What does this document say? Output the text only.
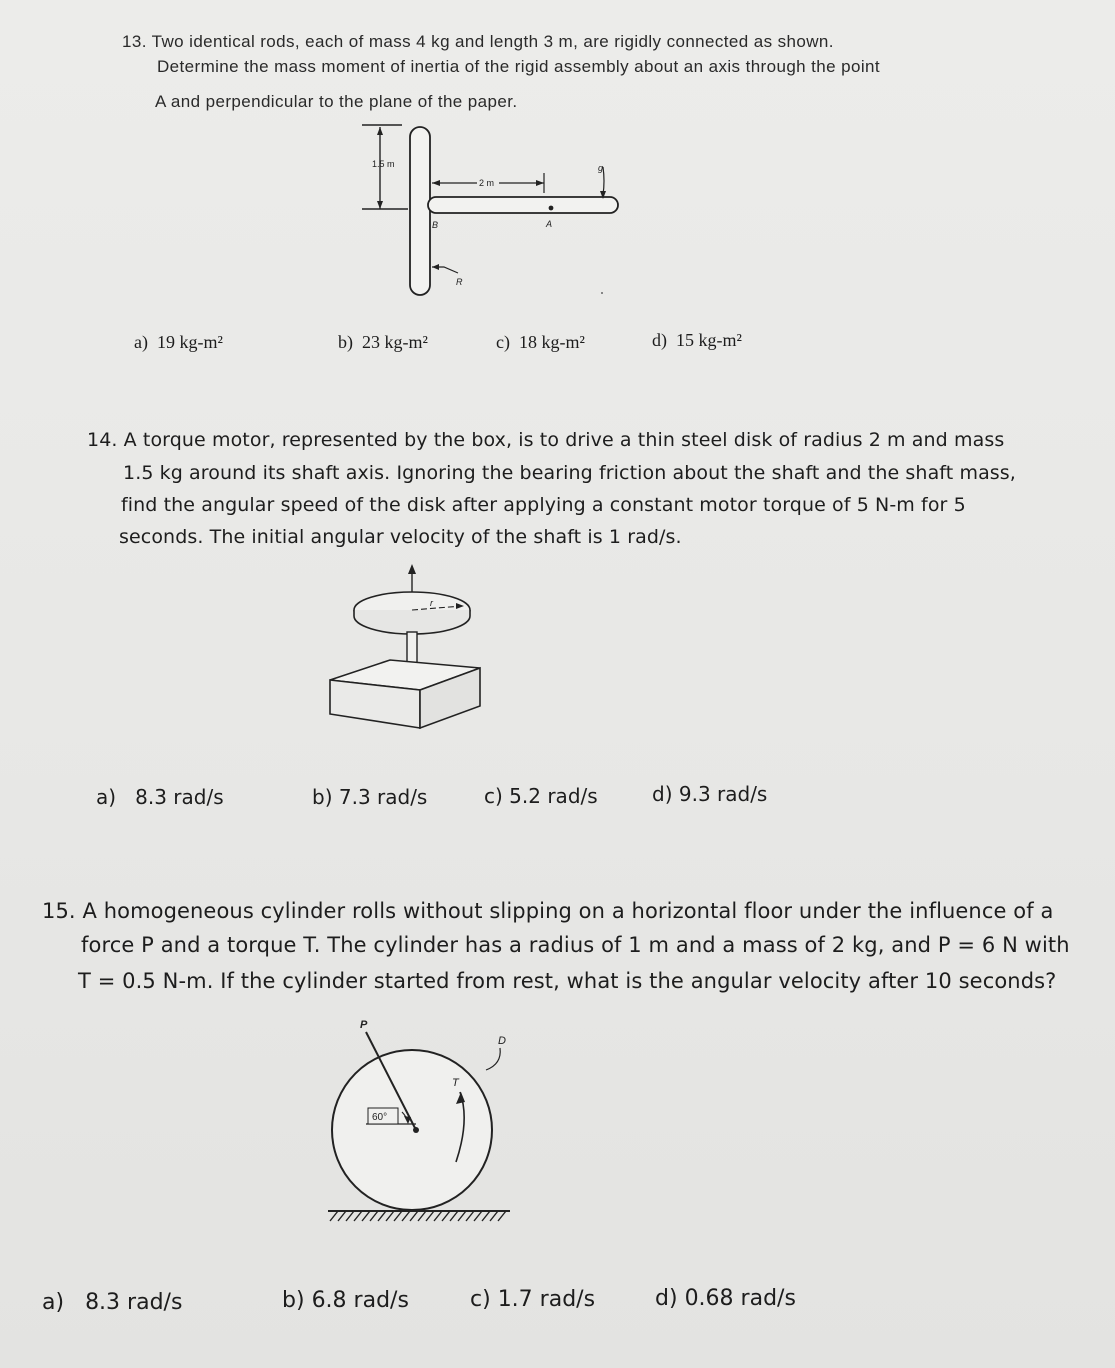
13. Two identical rods, each of mass 4 kg and length 3 m, are rigidly connected as shown.
Determine the mass moment of inertia of the rigid assembly about an axis through the point
A and perpendicular to the plane of the paper.
1.5 m
2 m
A
B
g
R
a) 19 kg-m²	b) 23 kg-m²	c) 18 kg-m²	d) 15 kg-m²
14. A torque motor, represented by the box, is to drive a thin steel disk of radius 2 m and mass
1.5 kg around its shaft axis. Ignoring the bearing friction about the shaft and the shaft mass,
find the angular speed of the disk after applying a constant motor torque of 5 N-m for 5
seconds. The initial angular velocity of the shaft is 1 rad/s.
r
a) 8.3 rad/s	b) 7.3 rad/s	c) 5.2 rad/s	d) 9.3 rad/s
15. A homogeneous cylinder rolls without slipping on a horizontal floor under the influence of a
force P and a torque T. The cylinder has a radius of 1 m and a mass of 2 kg, and P = 6 N with
T = 0.5 N-m. If the cylinder started from rest, what is the angular velocity after 10 seconds?
P
60°
T
D
a) 8.3 rad/s	b) 6.8 rad/s	c) 1.7 rad/s	d) 0.68 rad/s
